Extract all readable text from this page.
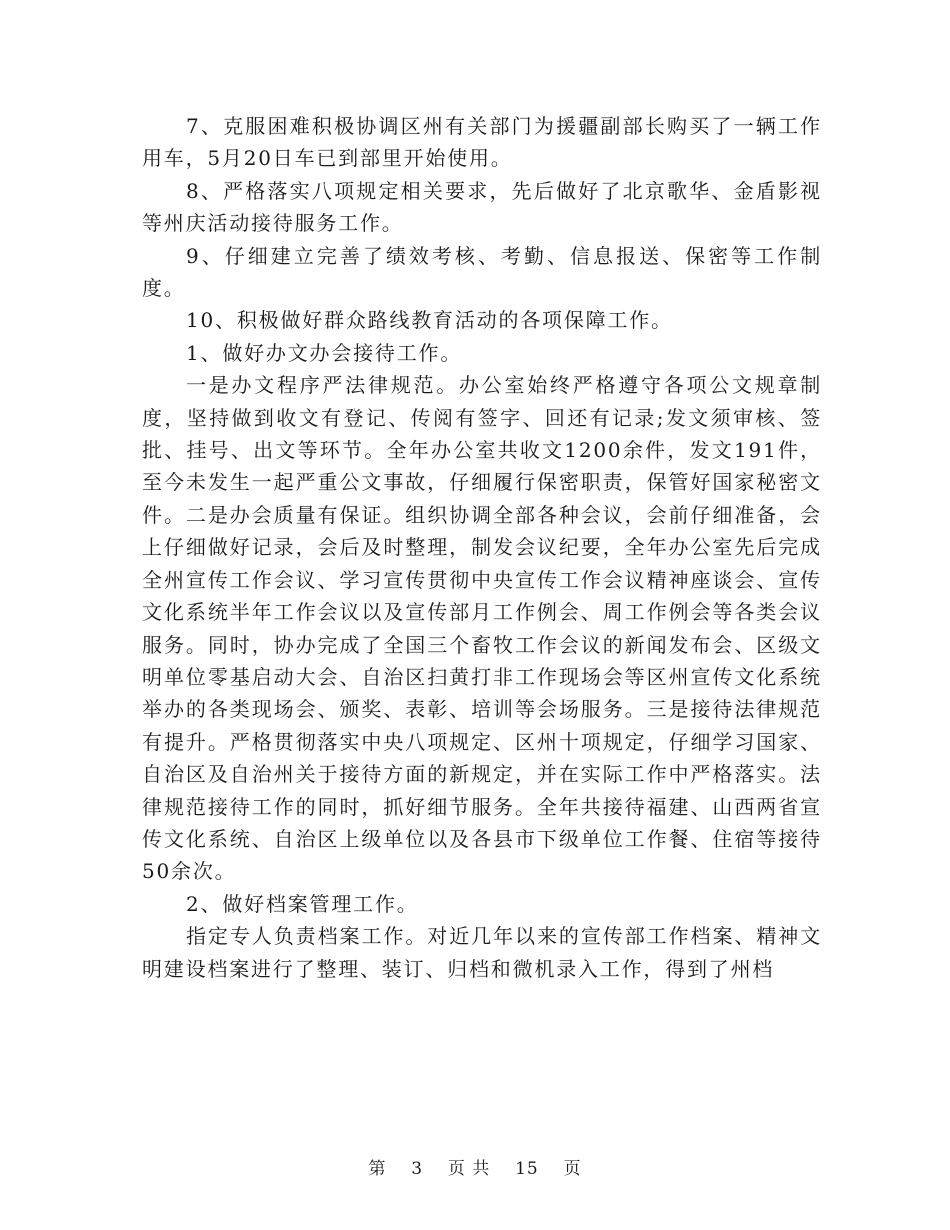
7、克服困难积极协调区州有关部门为援疆副部长购买了一辆工作用车，5月20日车已到部里开始使用。

8、严格落实八项规定相关要求，先后做好了北京歌华、金盾影视等州庆活动接待服务工作。

9、仔细建立完善了绩效考核、考勤、信息报送、保密等工作制度。

10、积极做好群众路线教育活动的各项保障工作。

1、做好办文办会接待工作。

一是办文程序严法律规范。办公室始终严格遵守各项公文规章制度，坚持做到收文有登记、传阅有签字、回还有记录;发文须审核、签批、挂号、出文等环节。全年办公室共收文1200余件，发文191件，至今未发生一起严重公文事故，仔细履行保密职责，保管好国家秘密文件。二是办会质量有保证。组织协调全部各种会议，会前仔细准备，会上仔细做好记录，会后及时整理，制发会议纪要，全年办公室先后完成全州宣传工作会议、学习宣传贯彻中央宣传工作会议精神座谈会、宣传文化系统半年工作会议以及宣传部月工作例会、周工作例会等各类会议服务。同时，协办完成了全国三个畜牧工作会议的新闻发布会、区级文明单位零基启动大会、自治区扫黄打非工作现场会等区州宣传文化系统举办的各类现场会、颁奖、表彰、培训等会场服务。三是接待法律规范有提升。严格贯彻落实中央八项规定、区州十项规定，仔细学习国家、自治区及自治州关于接待方面的新规定，并在实际工作中严格落实。法律规范接待工作的同时，抓好细节服务。全年共接待福建、山西两省宣传文化系统、自治区上级单位以及各县市下级单位工作餐、住宿等接待50余次。

2、做好档案管理工作。

指定专人负责档案工作。对近几年以来的宣传部工作档案、精神文明建设档案进行了整理、装订、归档和微机录入工作，得到了州档

第 3 页 共 15 页
